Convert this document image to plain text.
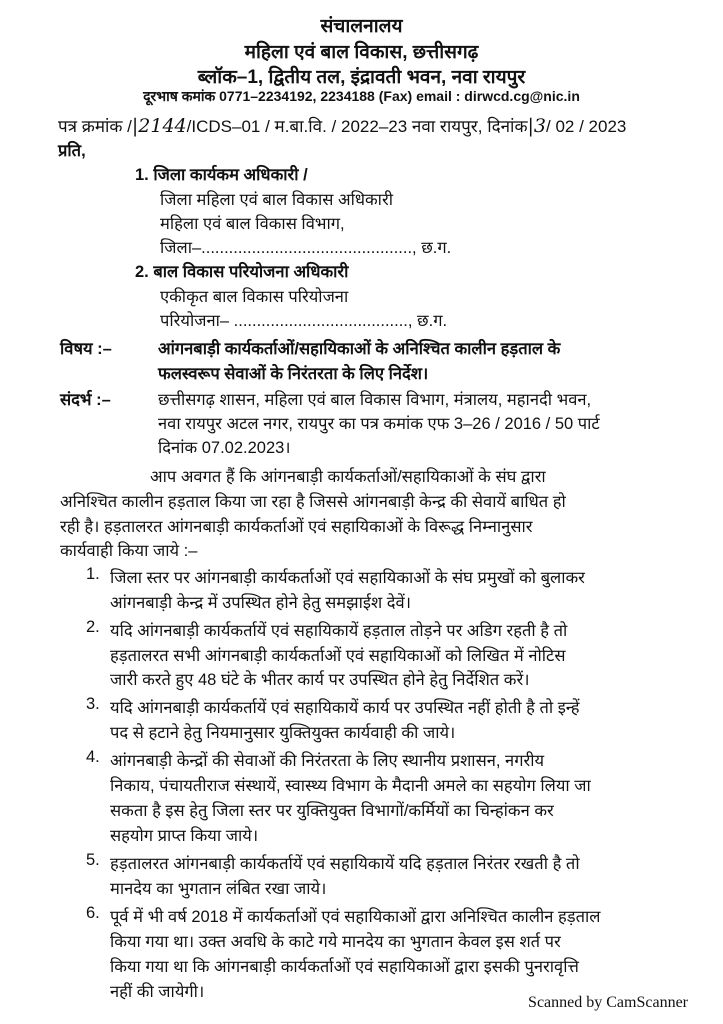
संचालनालय
महिला एवं बाल विकास, छत्तीसगढ़
ब्लॉक–1, द्वितीय तल, इंद्रावती भवन, नवा रायपुर
दूरभाष कमांक 0771–2234192, 2234188 (Fax) email : dirwcd.cg@nic.in
पत्र क्रमांक /|2144/ICDS–01 / म.बा.वि. / 2022–23 नवा रायपुर, दिनांक|3/ 02 / 2023
प्रति,
1. जिला कार्यकम अधिकारी /
जिला महिला एवं बाल विकास अधिकारी
महिला एवं बाल विकास विभाग,
जिला–.............................................., छ.ग.
2. बाल विकास परियोजना अधिकारी
एकीकृत बाल विकास परियोजना
परियोजना– ......................................, छ.ग.
विषय :–	आंगनबाड़ी कार्यकर्ताओं/सहायिकाओं के अनिश्चित कालीन हड़ताल के
फलस्वरूप सेवाओं के निरंतरता के लिए निर्देश।
संदर्भ :–	छत्तीसगढ़ शासन, महिला एवं बाल विकास विभाग, मंत्रालय, महानदी भवन,
नवा रायपुर अटल नगर, रायपुर का पत्र कमांक एफ 3–26 / 2016 / 50 पार्ट
दिनांक 07.02.2023।
आप अवगत हैं कि आंगनबाड़ी कार्यकर्ताओं/सहायिकाओं के संघ द्वारा
अनिश्चित कालीन हड़ताल किया जा रहा है जिससे आंगनबाड़ी केन्द्र की सेवायें बाधित हो
रही है। हड़तालरत आंगनबाड़ी कार्यकर्ताओं एवं सहायिकाओं के विरूद्ध निम्नानुसार
कार्यवाही किया जाये :–
1. जिला स्तर पर आंगनबाड़ी कार्यकर्ताओं एवं सहायिकाओं के संघ प्रमुखों को बुलाकर
आंगनबाड़ी केन्द्र में उपस्थित होने हेतु समझाईश देवें।
2. यदि आंगनबाड़ी कार्यकर्तायें एवं सहायिकायें हड़ताल तोड़ने पर अडिग रहती है तो
हड़तालरत सभी आंगनबाड़ी कार्यकर्ताओं एवं सहायिकाओं को लिखित में नोटिस
जारी करते हुए 48 घंटे के भीतर कार्य पर उपस्थित होने हेतु निर्देशित करें।
3. यदि आंगनबाड़ी कार्यकर्तायें एवं सहायिकायें कार्य पर उपस्थित नहीं होती है तो इन्हें
पद से हटाने हेतु नियमानुसार युक्तियुक्त कार्यवाही की जाये।
4. आंगनबाड़ी केन्द्रों की सेवाओं की निरंतरता के लिए स्थानीय प्रशासन, नगरीय
निकाय, पंचायतीराज संस्थायें, स्वास्थ्य विभाग के मैदानी अमले का सहयोग लिया जा
सकता है इस हेतु जिला स्तर पर युक्तियुक्त विभागों/कर्मियों का चिन्हांकन कर
सहयोग प्राप्त किया जाये।
5. हड़तालरत आंगनबाड़ी कार्यकर्तायें एवं सहायिकायें यदि हड़ताल निरंतर रखती है तो
मानदेय का भुगतान लंबित रखा जाये।
6. पूर्व में भी वर्ष 2018 में कार्यकर्ताओं एवं सहायिकाओं द्वारा अनिश्चित कालीन हड़ताल
किया गया था। उक्त अवधि के काटे गये मानदेय का भुगतान केवल इस शर्त पर
किया गया था कि आंगनबाड़ी कार्यकर्ताओं एवं सहायिकाओं द्वारा इसकी पुनरावृत्ति
नहीं की जायेगी।
Scanned by CamScanner
